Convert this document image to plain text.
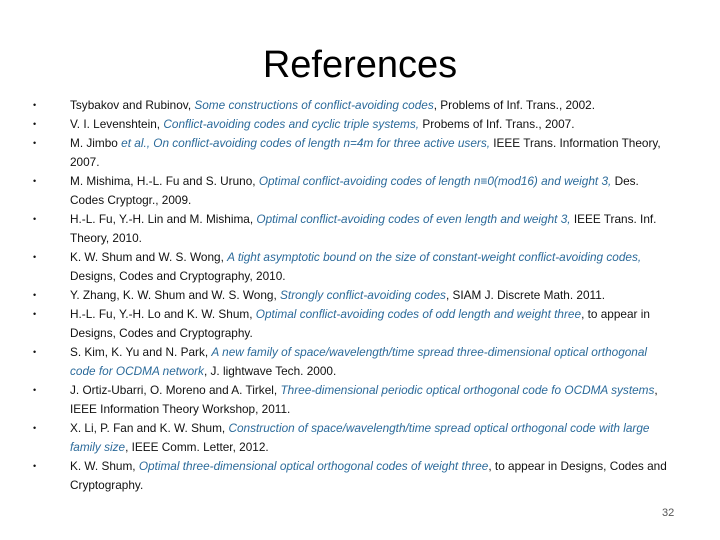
References
•	Tsybakov and Rubinov, Some constructions of conflict-avoiding codes, Problems of Inf. Trans., 2002.
•	V. I. Levenshtein, Conflict-avoiding codes and cyclic triple systems, Probems of Inf. Trans., 2007.
•	M. Jimbo et al., On conflict-avoiding codes of length n=4m for three active users, IEEE Trans. Information Theory, 2007.
•	M. Mishima, H.-L. Fu and S. Uruno, Optimal conflict-avoiding codes of length n≡0(mod16) and weight 3, Des. Codes Cryptogr., 2009.
•	H.-L. Fu, Y.-H. Lin and M. Mishima, Optimal conflict-avoiding codes of even length and weight 3, IEEE Trans. Inf. Theory, 2010.
•	K. W. Shum and W. S. Wong, A tight asymptotic bound on the size of constant-weight conflict-avoiding codes, Designs, Codes and Cryptography, 2010.
•	Y. Zhang, K. W. Shum and W. S. Wong, Strongly conflict-avoiding codes, SIAM J. Discrete Math. 2011.
•	H.-L. Fu, Y.-H. Lo and K. W. Shum, Optimal conflict-avoiding codes of odd length and weight three, to appear in Designs, Codes and Cryptography.
•	S. Kim, K. Yu and N. Park, A new family of space/wavelength/time spread three-dimensional optical orthogonal code for OCDMA network, J. lightwave Tech. 2000.
•	J. Ortiz-Ubarri, O. Moreno and A. Tirkel, Three-dimensional periodic optical orthogonal code fo OCDMA systems, IEEE Information Theory Workshop, 2011.
•	X. Li, P. Fan and K. W. Shum, Construction of space/wavelength/time spread optical orthogonal code with large family size, IEEE Comm. Letter, 2012.
•	K. W. Shum, Optimal three-dimensional optical orthogonal codes of weight three, to appear in Designs, Codes and Cryptography.
32
